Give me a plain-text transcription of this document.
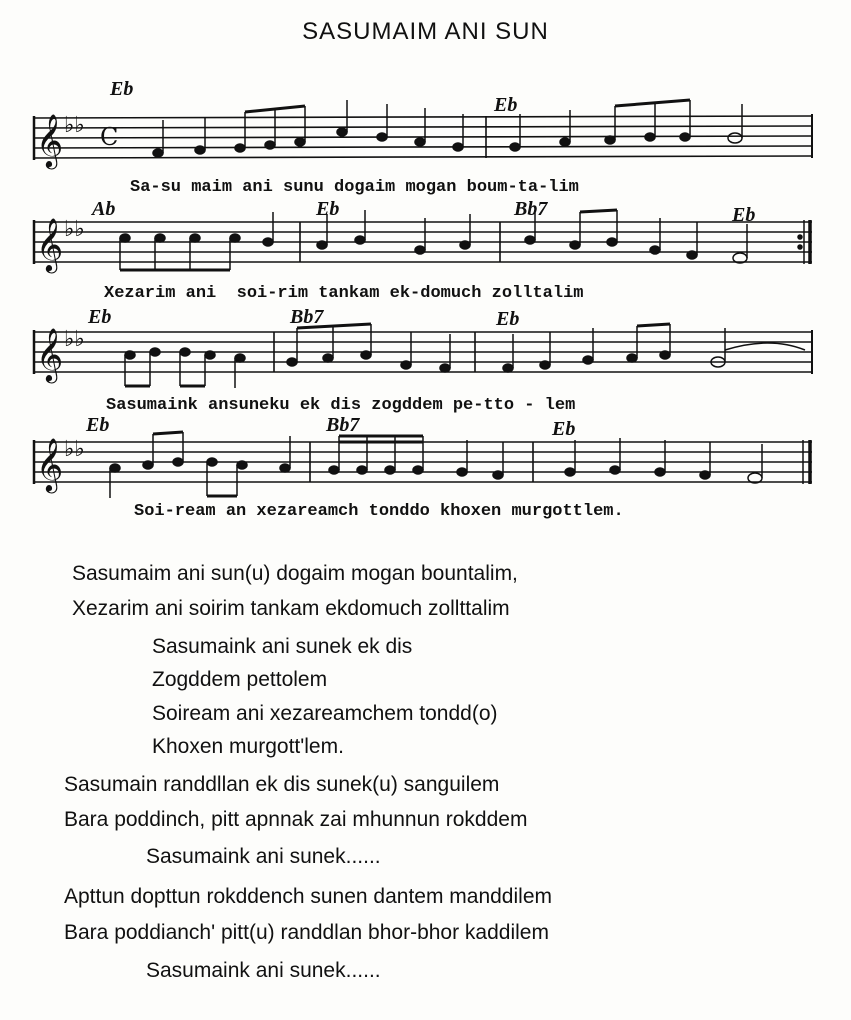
SASUMAIM ANI SUN
𝄞 ♭♭ C
Eb
Eb
Sa-su maim ani sunu dogaim mogan boum-ta-lim
𝄞 ♭♭
Ab	Eb	Bb7	Eb
Xezarim ani  soi-rim tankam ek-domuch zolltalim
𝄞 ♭♭
Eb	Bb7	Eb
Sasumaink ansuneku ek dis zogddem pe-tto - lem
𝄞 ♭♭
Eb	Bb7	Eb
Soi-ream an xezareamch tonddo khoxen murgottlem.
Sasumaim ani sun(u) dogaim mogan bountalim,
Xezarim ani soirim tankam ekdomuch zollttalim
Sasumaink ani sunek ek dis
Zogddem pettolem
Soiream ani xezareamchem tondd(o)
Khoxen murgott'lem.
Sasumain randdllan ek dis sunek(u) sanguilem
Bara poddinch, pitt apnnak zai mhunnun rokddem
Sasumaink ani sunek......
Apttun dopttun rokddench sunen dantem manddilem
Bara poddianch' pitt(u) randdlan bhor-bhor kaddilem
Sasumaink ani sunek......
